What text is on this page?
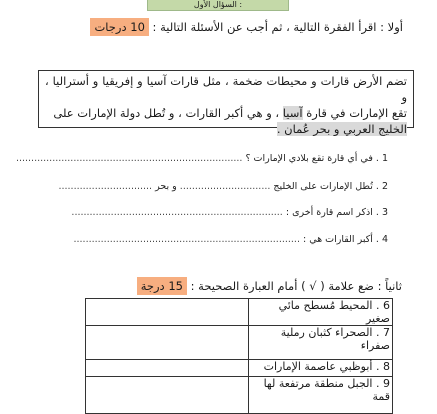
السؤال الأول :
أولا : اقرأ الفقرة التالية ، ثم أجب عن الأسئلة التالية : 10 درجات

تضم الأرض قارات و محيطات ضخمة ، مثل قارات آسيا و إفريقيا و أستراليا ، و

تقع الإمارات في قارة آسيا ، و هي أكبر القارات ، و تُطل دولة الإمارات على

الخليج العربي و بحر عُمان .

1 . في أي قارة تقع بلادي الإمارات ؟ ...........................................................................
2 . تُطل الإمارات على الخليج .............................. و بحر ...............................
3 . اذكر اسم قارة أخرى : ......................................................................
4 . أكبر القارات هي : ...........................................................................
ثانياً : ضع علامة ( √ ) أمام العبارة الصحيحة : 15 درجة
6 . المحيط مُسطح مائي صغير	
7 . الصحراء كثبان رملية صفراء	
8 . أبوظبي عاصمة الإمارات	
9 . الجبل منطقة مرتفعة لها قمة	
